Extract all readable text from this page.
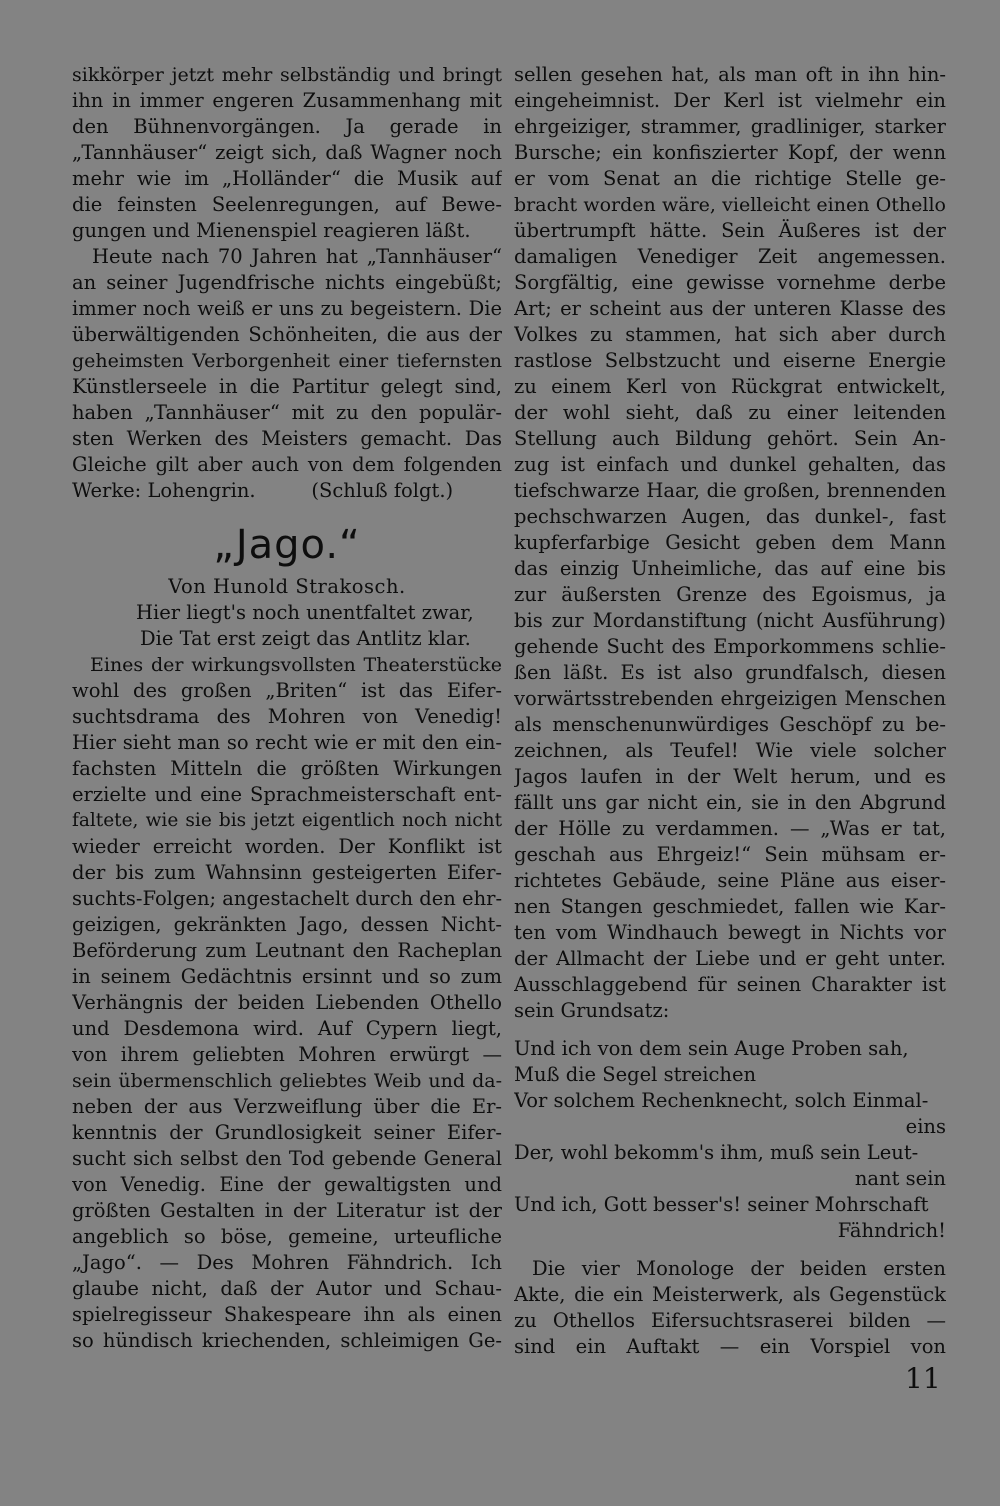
sikkörper jetzt mehr selbständig und bringt
ihn in immer engeren Zusammenhang mit
den Bühnenvorgängen. Ja gerade in
„Tannhäuser“ zeigt sich, daß Wagner noch
mehr wie im „Holländer“ die Musik auf
die feinsten Seelenregungen, auf Bewe-
gungen und Mienenspiel reagieren läßt.
Heute nach 70 Jahren hat „Tannhäuser“
an seiner Jugendfrische nichts eingebüßt;
immer noch weiß er uns zu begeistern. Die
überwältigenden Schönheiten, die aus der
geheimsten Verborgenheit einer tiefernsten
Künstlerseele in die Partitur gelegt sind,
haben „Tannhäuser“ mit zu den populär-
sten Werken des Meisters gemacht. Das
Gleiche gilt aber auch von dem folgenden
Werke: Lohengrin.         (Schluß folgt.)
„Jago.“
Von Hunold Strakosch.
Hier liegt's noch unentfaltet zwar,
Die Tat erst zeigt das Antlitz klar.
Eines der wirkungsvollsten Theaterstücke
wohl des großen „Briten“ ist das Eifer-
suchtsdrama des Mohren von Venedig!
Hier sieht man so recht wie er mit den ein-
fachsten Mitteln die größten Wirkungen
erzielte und eine Sprachmeisterschaft ent-
faltete, wie sie bis jetzt eigentlich noch nicht
wieder erreicht worden. Der Konflikt ist
der bis zum Wahnsinn gesteigerten Eifer-
suchts-Folgen; angestachelt durch den ehr-
geizigen, gekränkten Jago, dessen Nicht-
Beförderung zum Leutnant den Racheplan
in seinem Gedächtnis ersinnt und so zum
Verhängnis der beiden Liebenden Othello
und Desdemona wird. Auf Cypern liegt,
von ihrem geliebten Mohren erwürgt —
sein übermenschlich geliebtes Weib und da-
neben der aus Verzweiflung über die Er-
kenntnis der Grundlosigkeit seiner Eifer-
sucht sich selbst den Tod gebende General
von Venedig. Eine der gewaltigsten und
größten Gestalten in der Literatur ist der
angeblich so böse, gemeine, urteufliche
„Jago“. — Des Mohren Fähndrich. Ich
glaube nicht, daß der Autor und Schau-
spielregisseur Shakespeare ihn als einen
so hündisch kriechenden, schleimigen Ge-
sellen gesehen hat, als man oft in ihn hin-
eingeheimnist. Der Kerl ist vielmehr ein
ehrgeiziger, strammer, gradliniger, starker
Bursche; ein konfiszierter Kopf, der wenn
er vom Senat an die richtige Stelle ge-
bracht worden wäre, vielleicht einen Othello
übertrumpft hätte. Sein Äußeres ist der
damaligen Venediger Zeit angemessen.
Sorgfältig, eine gewisse vornehme derbe
Art; er scheint aus der unteren Klasse des
Volkes zu stammen, hat sich aber durch
rastlose Selbstzucht und eiserne Energie
zu einem Kerl von Rückgrat entwickelt,
der wohl sieht, daß zu einer leitenden
Stellung auch Bildung gehört. Sein An-
zug ist einfach und dunkel gehalten, das
tiefschwarze Haar, die großen, brennenden
pechschwarzen Augen, das dunkel-, fast
kupferfarbige Gesicht geben dem Mann
das einzig Unheimliche, das auf eine bis
zur äußersten Grenze des Egoismus, ja
bis zur Mordanstiftung (nicht Ausführung)
gehende Sucht des Emporkommens schlie-
ßen läßt. Es ist also grundfalsch, diesen
vorwärtsstrebenden ehrgeizigen Menschen
als menschenunwürdiges Geschöpf zu be-
zeichnen, als Teufel! Wie viele solcher
Jagos laufen in der Welt herum, und es
fällt uns gar nicht ein, sie in den Abgrund
der Hölle zu verdammen. — „Was er tat,
geschah aus Ehrgeiz!“ Sein mühsam er-
richtetes Gebäude, seine Pläne aus eiser-
nen Stangen geschmiedet, fallen wie Kar-
ten vom Windhauch bewegt in Nichts vor
der Allmacht der Liebe und er geht unter.
Ausschlaggebend für seinen Charakter ist
sein Grundsatz:
Und ich von dem sein Auge Proben sah,
Muß die Segel streichen
Vor solchem Rechenknecht, solch Einmal-
eins
Der, wohl bekomm's ihm, muß sein Leut-
nant sein
Und ich, Gott besser's! seiner Mohrschaft
Fähndrich!
Die vier Monologe der beiden ersten
Akte, die ein Meisterwerk, als Gegenstück
zu Othellos Eifersuchtsraserei bilden —
sind ein Auftakt — ein Vorspiel von
11
